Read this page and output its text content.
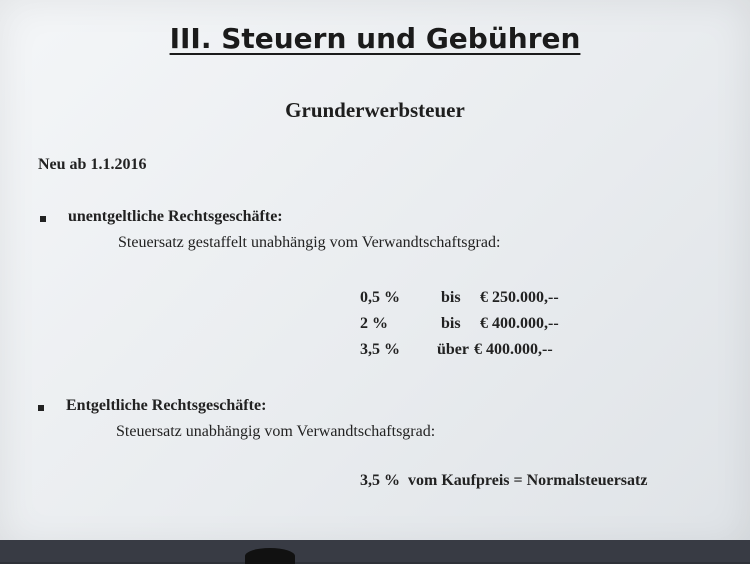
III. Steuern und Gebühren
Grunderwerbsteuer
Neu ab 1.1.2016
unentgeltliche Rechtsgeschäfte:
Steuersatz gestaffelt unabhängig vom Verwandtschaftsgrad:
0,5 %	bis € 250.000,--
2 %	bis € 400.000,--
3,5 % über € 400.000,--
Entgeltliche Rechtsgeschäfte:
Steuersatz unabhängig vom Verwandtschaftsgrad:
3,5 %  vom Kaufpreis = Normalsteuersatz
